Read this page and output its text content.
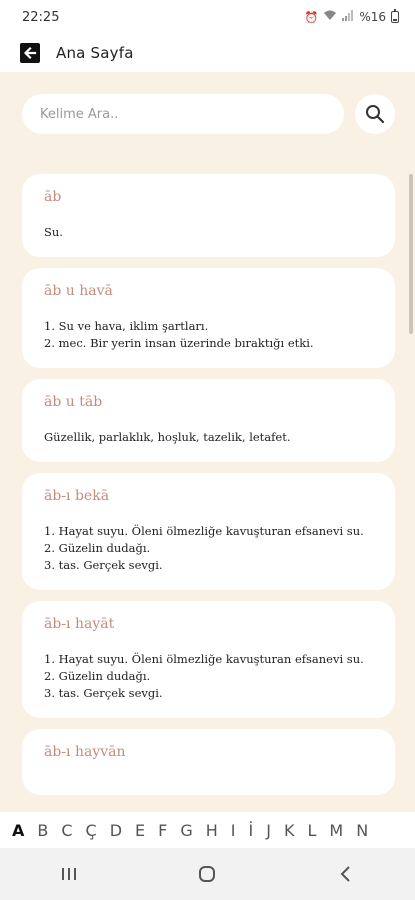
22:25	⏰	%16
Ana Sayfa
Kelime Ara..
āb
Su.
āb u havā
1. Su ve hava, iklim şartları.
2. mec. Bir yerin insan üzerinde bıraktığı etki.
āb u tāb
Güzellik, parlaklık, hoşluk, tazelik, letafet.
āb-ı bekā
1. Hayat suyu. Öleni ölmezliğe kavuşturan efsanevi su.
2. Güzelin dudağı.
3. tas. Gerçek sevgi.
āb-ı hayāt
1. Hayat suyu. Öleni ölmezliğe kavuşturan efsanevi su.
2. Güzelin dudağı.
3. tas. Gerçek sevgi.
āb-ı hayvān
A B C Ç D E F G H I İ J K L M N
